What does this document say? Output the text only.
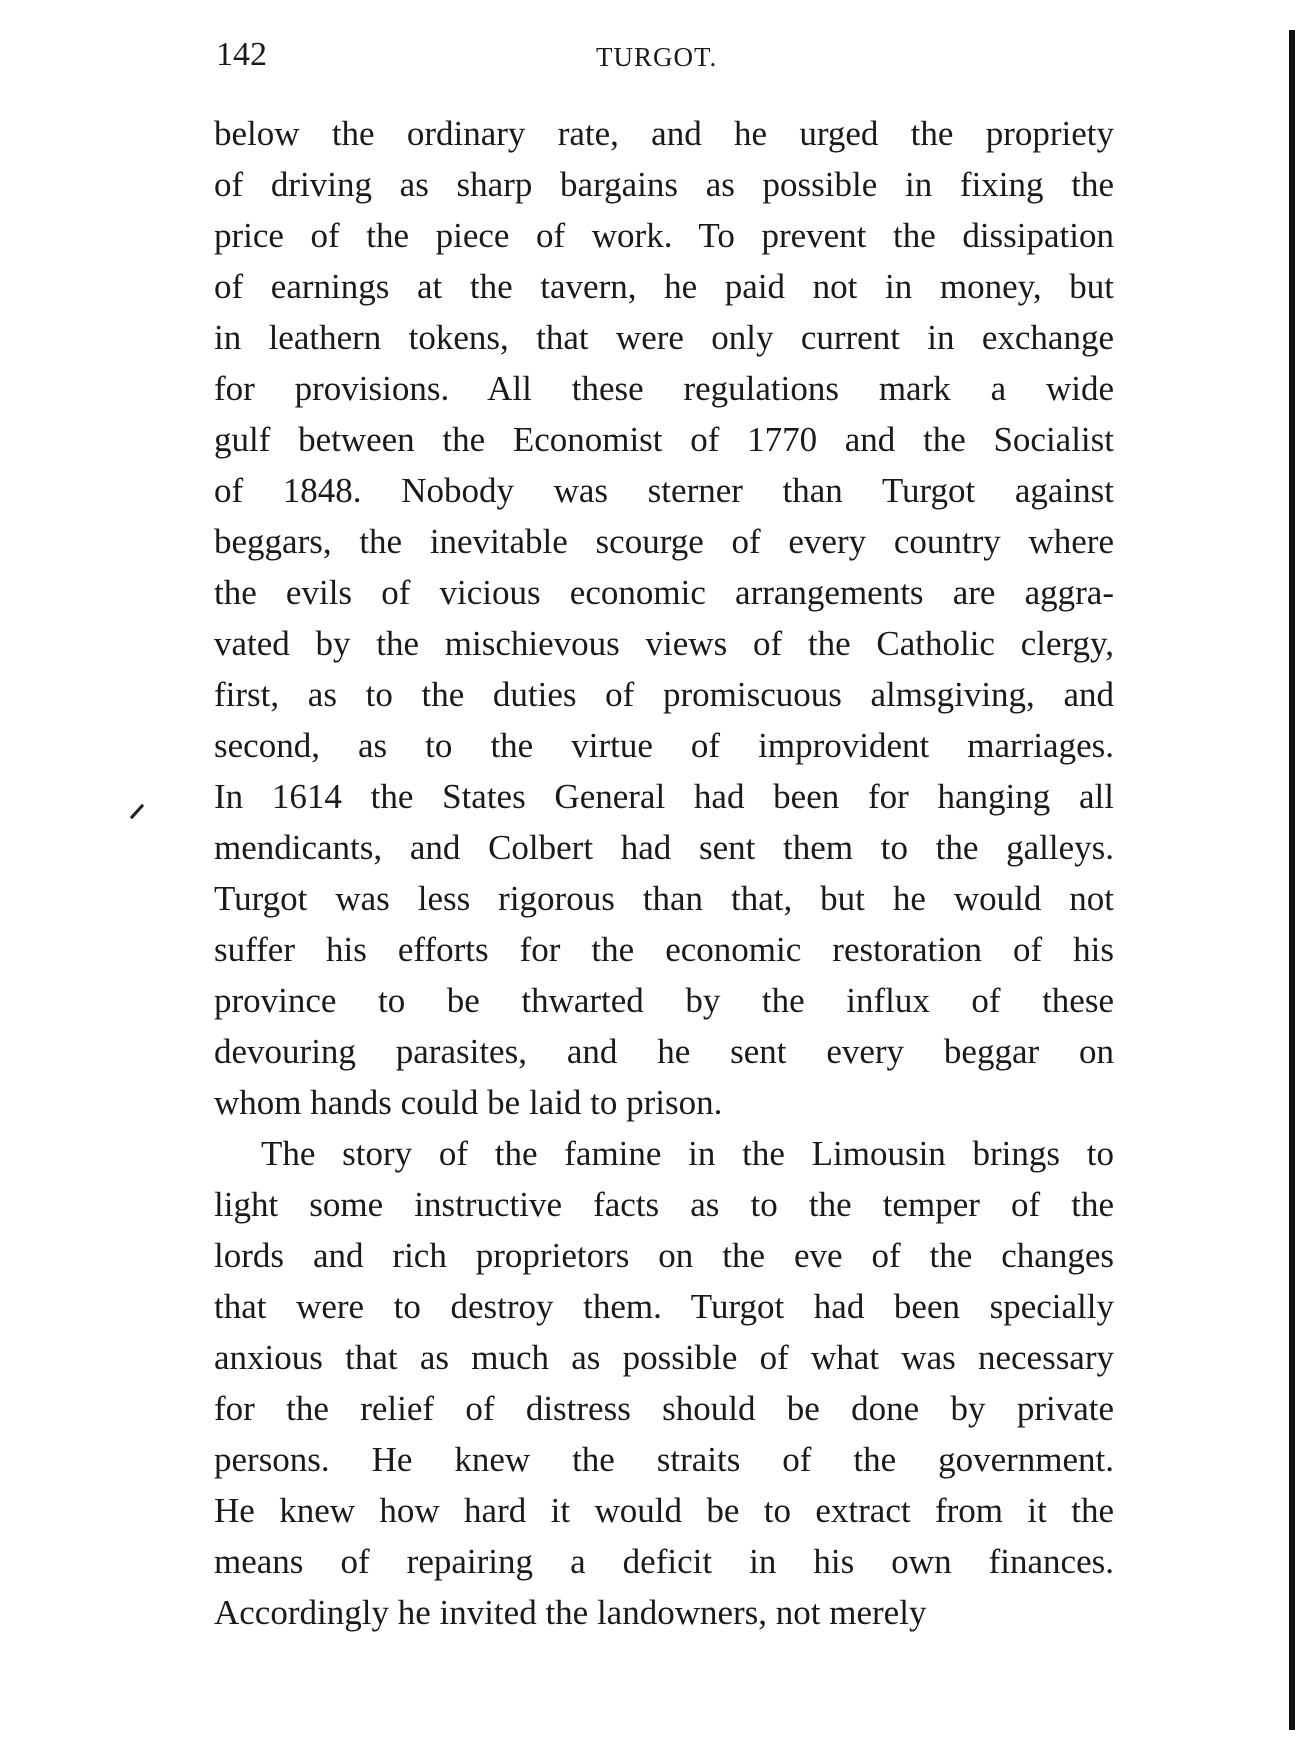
142	TURGOT.
below the ordinary rate, and he urged the propriety
of driving as sharp bargains as possible in fixing the
price of the piece of work. To prevent the dissipation
of earnings at the tavern, he paid not in money, but
in leathern tokens, that were only current in exchange
for provisions. All these regulations mark a wide
gulf between the Economist of 1770 and the Socialist
of 1848. Nobody was sterner than Turgot against
beggars, the inevitable scourge of every country where
the evils of vicious economic arrangements are aggra-
vated by the mischievous views of the Catholic clergy,
first, as to the duties of promiscuous almsgiving, and
second, as to the virtue of improvident marriages.
In 1614 the States General had been for hanging all
mendicants, and Colbert had sent them to the galleys.
Turgot was less rigorous than that, but he would not
suffer his efforts for the economic restoration of his
province to be thwarted by the influx of these
devouring parasites, and he sent every beggar on
whom hands could be laid to prison.
The story of the famine in the Limousin brings to
light some instructive facts as to the temper of the
lords and rich proprietors on the eve of the changes
that were to destroy them. Turgot had been specially
anxious that as much as possible of what was necessary
for the relief of distress should be done by private
persons. He knew the straits of the government.
He knew how hard it would be to extract from it the
means of repairing a deficit in his own finances.
Accordingly he invited the landowners, not merely
